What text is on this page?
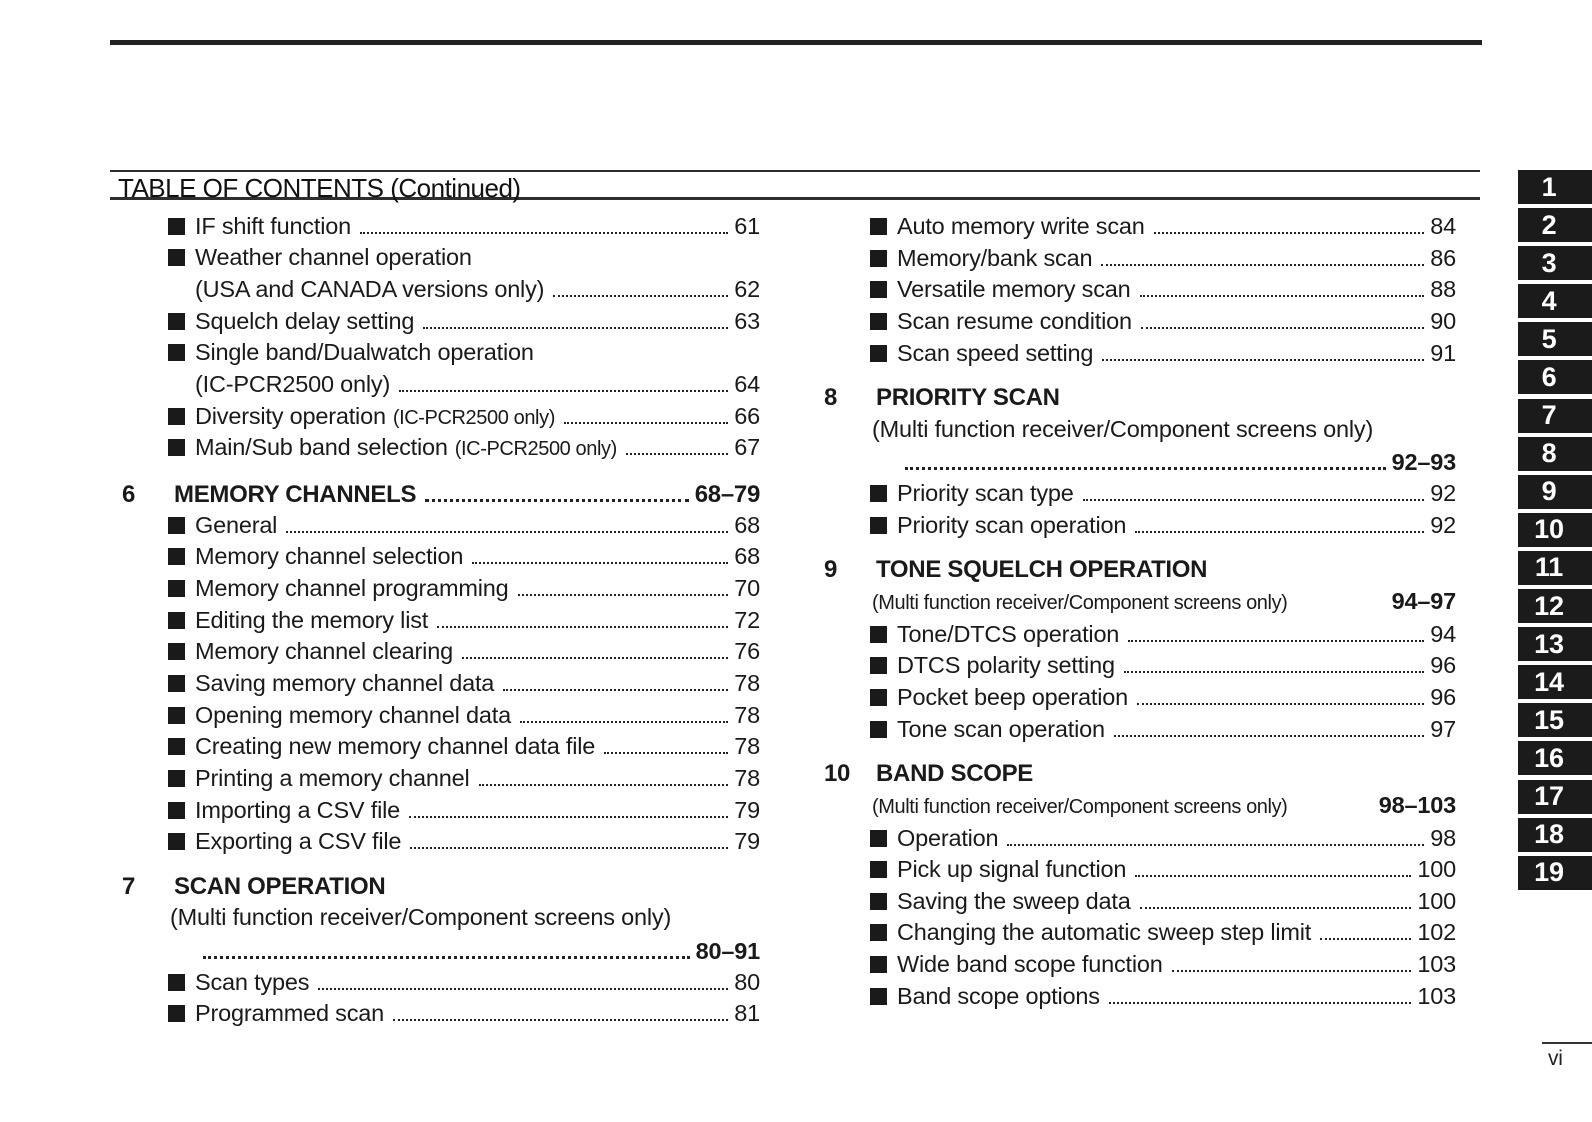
TABLE OF CONTENTS (Continued)
IF shift function	61
Weather channel operation
(USA and CANADA versions only)	62
Squelch delay setting	63
Single band/Dualwatch operation
(IC-PCR2500 only)	64
Diversity operation (IC-PCR2500 only)	66
Main/Sub band selection (IC-PCR2500 only)	67
6	MEMORY CHANNELS	68–79
General	68
Memory channel selection	68
Memory channel programming	70
Editing the memory list	72
Memory channel clearing	76
Saving memory channel data	78
Opening memory channel data	78
Creating new memory channel data file	78
Printing a memory channel	78
Importing a CSV file	79
Exporting a CSV file	79
7	SCAN OPERATION
(Multi function receiver/Component screens only)
80–91
Scan types	80
Programmed scan	81
Auto memory write scan	84
Memory/bank scan	86
Versatile memory scan	88
Scan resume condition	90
Scan speed setting	91
8	PRIORITY SCAN
(Multi function receiver/Component screens only)
92–93
Priority scan type	92
Priority scan operation	92
9	TONE SQUELCH OPERATION
(Multi function receiver/Component screens only)	94–97
Tone/DTCS operation	94
DTCS polarity setting	96
Pocket beep operation	96
Tone scan operation	97
10	BAND SCOPE
(Multi function receiver/Component screens only)	98–103
Operation	98
Pick up signal function	100
Saving the sweep data	100
Changing the automatic sweep step limit	102
Wide band scope function	103
Band scope options	103
1
2
3
4
5
6
7
8
9
10
11
12
13
14
15
16
17
18
19
vi
